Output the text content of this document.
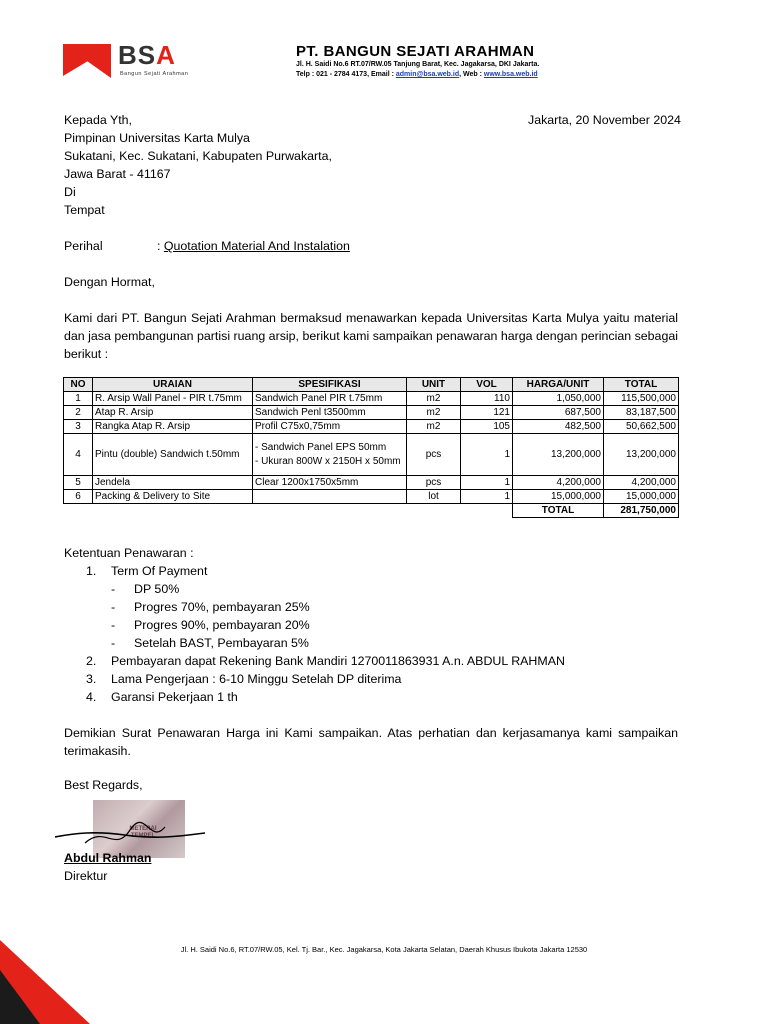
BSA
Bangun Sejati Arahman
PT. BANGUN SEJATI ARAHMAN
Jl. H. Saidi No.6 RT.07/RW.05 Tanjung Barat, Kec. Jagakarsa, DKI Jakarta.
Telp : 021 - 2784 4173, Email : admin@bsa.web.id, Web : www.bsa.web.id
Kepada Yth,
Pimpinan Universitas Karta Mulya
Sukatani, Kec. Sukatani, Kabupaten Purwakarta,
Jawa Barat - 41167
Di
Tempat
Jakarta, 20 November 2024
Perihal	: Quotation Material And Instalation
Dengan Hormat,
Kami dari PT. Bangun Sejati Arahman bermaksud menawarkan kepada Universitas Karta Mulya yaitu material dan jasa pembangunan partisi ruang arsip, berikut kami sampaikan penawaran harga dengan perincian sebagai berikut :
NO	URAIAN	SPESIFIKASI	UNIT	VOL	HARGA/UNIT	TOTAL
1	R. Arsip Wall Panel - PIR t.75mm	Sandwich Panel PIR t.75mm	m2	110	1,050,000	115,500,000
2	Atap R. Arsip	Sandwich Penl t3500mm	m2	121	687,500	83,187,500
3	Rangka Atap R. Arsip	Profil C75x0,75mm	m2	105	482,500	50,662,500
4	Pintu (double) Sandwich t.50mm	- Sandwich Panel EPS 50mm
- Ukuran 800W x 2150H x 50mm	pcs	1	13,200,000	13,200,000
5	Jendela	Clear 1200x1750x5mm	pcs	1	4,200,000	4,200,000
6	Packing & Delivery to Site		lot	1	15,000,000	15,000,000
					TOTAL	281,750,000
Ketentuan Penawaran :
1. Term Of Payment
- DP 50%
- Progres 70%, pembayaran 25%
- Progres 90%, pembayaran 20%
- Setelah BAST, Pembayaran 5%
2. Pembayaran dapat Rekening Bank Mandiri 1270011863931 A.n. ABDUL RAHMAN
3. Lama Pengerjaan : 6-10 Minggu Setelah DP diterima
4. Garansi Pekerjaan 1 th
Demikian Surat Penawaran Harga ini Kami sampaikan. Atas perhatian dan kerjasamanya kami sampaikan terimakasih.
Best Regards,
METERAI TEMPEL
Abdul Rahman
Direktur
Jl. H. Saidi No.6, RT.07/RW.05, Kel. Tj. Bar., Kec. Jagakarsa, Kota Jakarta Selatan, Daerah Khusus Ibukota Jakarta 12530
